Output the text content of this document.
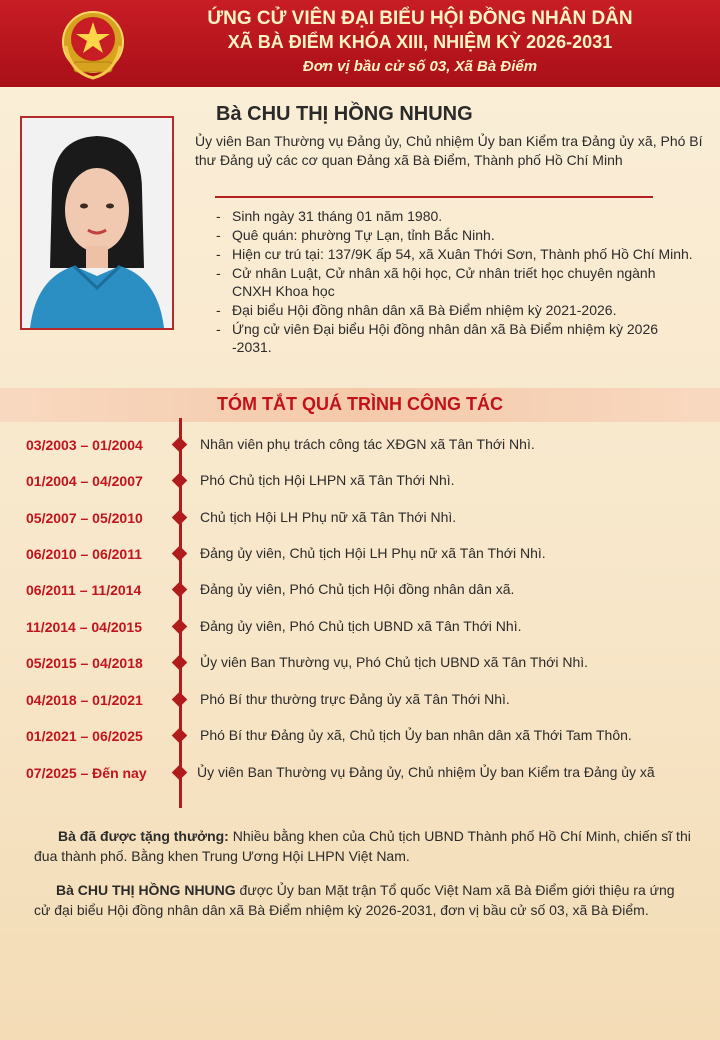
ỨNG CỬ VIÊN ĐẠI BIỂU HỘI ĐỒNG NHÂN DÂN
XÃ BÀ ĐIỂM KHÓA XIII, NHIỆM KỲ 2026-2031
Đơn vị bầu cử số 03, Xã Bà Điểm
Bà CHU THỊ HỒNG NHUNG
Ủy viên Ban Thường vụ Đảng ủy, Chủ nhiệm Ủy ban Kiểm tra Đảng ủy xã, Phó Bí thư Đảng uỷ các cơ quan Đảng xã Bà Điểm, Thành phố Hồ Chí Minh
- Sinh ngày 31 tháng 01 năm 1980.
- Quê quán: phường Tự Lạn, tỉnh Bắc Ninh.
- Hiện cư trú tại: 137/9K ấp 54, xã Xuân Thới Sơn, Thành phố Hồ Chí Minh.
- Cử nhân Luật, Cử nhân xã hội học, Cử nhân triết học chuyên ngành CNXH Khoa học
- Đại biểu Hội đồng nhân dân xã Bà Điểm nhiệm kỳ 2021-2026.
- Ứng cử viên Đại biểu Hội đồng nhân dân xã Bà Điểm nhiệm kỳ 2026 -2031.
TÓM TẮT QUÁ TRÌNH CÔNG TÁC
03/2003 – 01/2004	Nhân viên phụ trách công tác XĐGN xã Tân Thới Nhì.
01/2004 – 04/2007	Phó Chủ tịch Hội LHPN xã Tân Thới Nhì.
05/2007 – 05/2010	Chủ tịch Hội LH Phụ nữ xã Tân Thới Nhì.
06/2010 – 06/2011	Đảng ủy viên, Chủ tịch Hội LH Phụ nữ xã Tân Thới Nhì.
06/2011 – 11/2014	Đảng ủy viên, Phó Chủ tịch Hội đồng nhân dân xã.
11/2014 – 04/2015	Đảng ủy viên, Phó Chủ tịch UBND xã Tân Thới Nhì.
05/2015 – 04/2018	Ủy viên Ban Thường vụ, Phó Chủ tịch UBND xã Tân Thới Nhì.
04/2018 – 01/2021	Phó Bí thư thường trực Đảng ủy xã Tân Thới Nhì.
01/2021 – 06/2025	Phó Bí thư Đảng ủy xã, Chủ tịch Ủy ban nhân dân xã Thới Tam Thôn.
07/2025 – Đến nay	Ủy viên Ban Thường vụ Đảng ủy, Chủ nhiệm Ủy ban Kiểm tra Đảng ủy xã
Bà đã được tặng thưởng: Nhiều bằng khen của Chủ tịch UBND Thành phố Hồ Chí Minh, chiến sĩ thi đua thành phố. Bằng khen Trung Ương Hội LHPN Việt Nam.
Bà CHU THỊ HỒNG NHUNG được Ủy ban Mặt trận Tổ quốc Việt Nam xã Bà Điểm giới thiệu ra ứng cử đại biểu Hội đồng nhân dân xã Bà Điểm nhiệm kỳ 2026-2031, đơn vị bầu cử số 03, xã Bà Điểm.
